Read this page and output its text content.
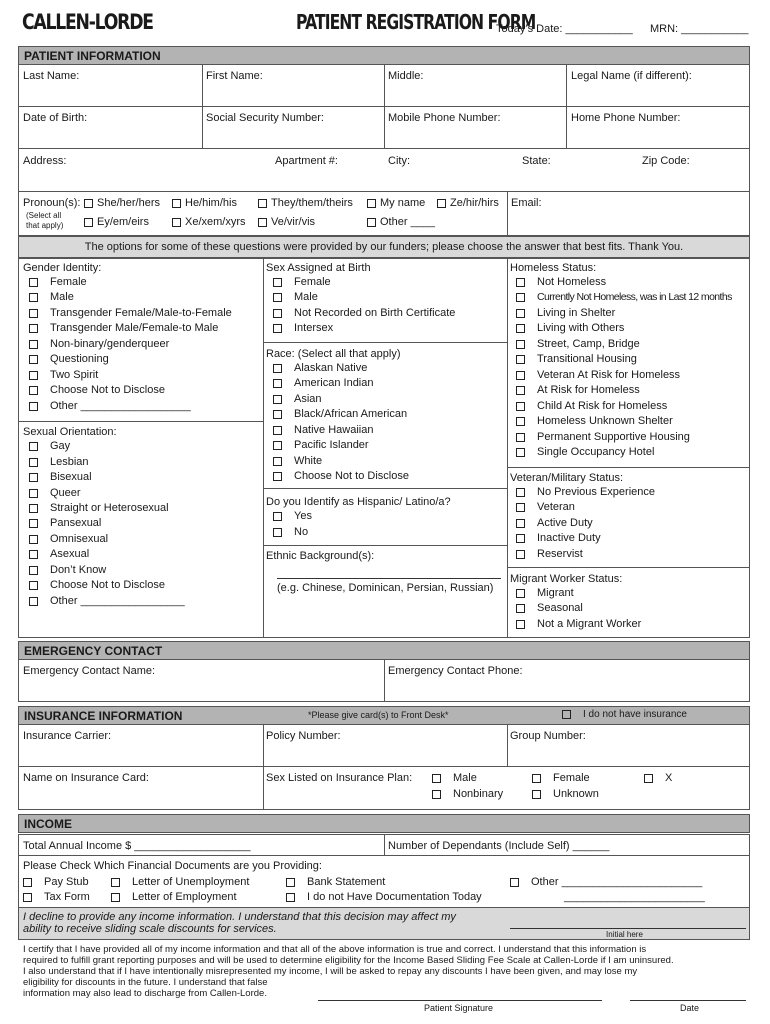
CALLEN-LORDE	PATIENT REGISTRATION FORM
Today’s Date: ___________ MRN: ___________
PATIENT INFORMATION
Last Name:	First Name:	Middle:	Legal Name (if different):
Date of Birth:	Social Security Number:	Mobile Phone Number:	Home Phone Number:
Address:	Apartment #:	City:	State:	Zip Code:
Pronoun(s):
(Select all
that apply)
She/her/hers	He/him/his	They/them/theirs	My name	Ze/hir/hirs
Ey/em/eirs	Xe/xem/xyrs	Ve/vir/vis	Other ____
Email:
The options for some of these questions were provided by our funders; please choose the answer that best fits. Thank You.
Gender Identity:
Female
Male
Transgender Female/Male-to-Female
Transgender Male/Female-to Male
Non-binary/genderqueer
Questioning
Two Spirit
Choose Not to Disclose
Other __________________
Sexual Orientation:
Gay
Lesbian
Bisexual
Queer
Straight or Heterosexual
Pansexual
Omnisexual
Asexual
Don’t Know
Choose Not to Disclose
Other _________________
Sex Assigned at Birth
Female
Male
Not Recorded on Birth Certificate
Intersex
Race: (Select all that apply)
Alaskan Native
American Indian
Asian
Black/African American
Native Hawaiian
Pacific Islander
White
Choose Not to Disclose
Do you Identify as Hispanic/ Latino/a?
Yes
No
Ethnic Background(s):
(e.g. Chinese, Dominican, Persian, Russian)
Homeless Status:
Not Homeless
Currently Not Homeless, was in Last 12 months
Living in Shelter
Living with Others
Street, Camp, Bridge
Transitional Housing
Veteran At Risk for Homeless
At Risk for Homeless
Child At Risk for Homeless
Homeless Unknown Shelter
Permanent Supportive Housing
Single Occupancy Hotel
Veteran/Military Status:
No Previous Experience
Veteran
Active Duty
Inactive Duty
Reservist
Migrant Worker Status:
Migrant
Seasonal
Not a Migrant Worker
EMERGENCY CONTACT
Emergency Contact Name:	Emergency Contact Phone:
INSURANCE INFORMATION	*Please give card(s) to Front Desk*	I do not have insurance
Insurance Carrier:	Policy Number:	Group Number:
Name on Insurance Card:	Sex Listed on Insurance Plan:	Male	Female	X
Nonbinary	Unknown
INCOME
Total Annual Income $ ___________________	Number of Dependants (Include Self) ______
Please Check Which Financial Documents are you Providing:
Pay Stub	Letter of Unemployment	Bank Statement	Other _______________________
Tax Form	Letter of Employment	I do not Have Documentation Today	_______________________
I decline to provide any income information. I understand that this decision may affect my
ability to receive sliding scale discounts for services.	Initial here
I certify that I have provided all of my income information and that all of the above information is true and correct. I understand that this information is
required to fulfill grant reporting purposes and will be used to determine eligibility for the Income Based Sliding Fee Scale at Callen-Lorde if I am uninsured.
I also understand that if I have intentionally misrepresented my income, I will be asked to repay any discounts I have been given, and may lose my
eligibility for discounts in the future. I understand that false
information may also lead to discharge from Callen-Lorde.
Patient Signature	Date
